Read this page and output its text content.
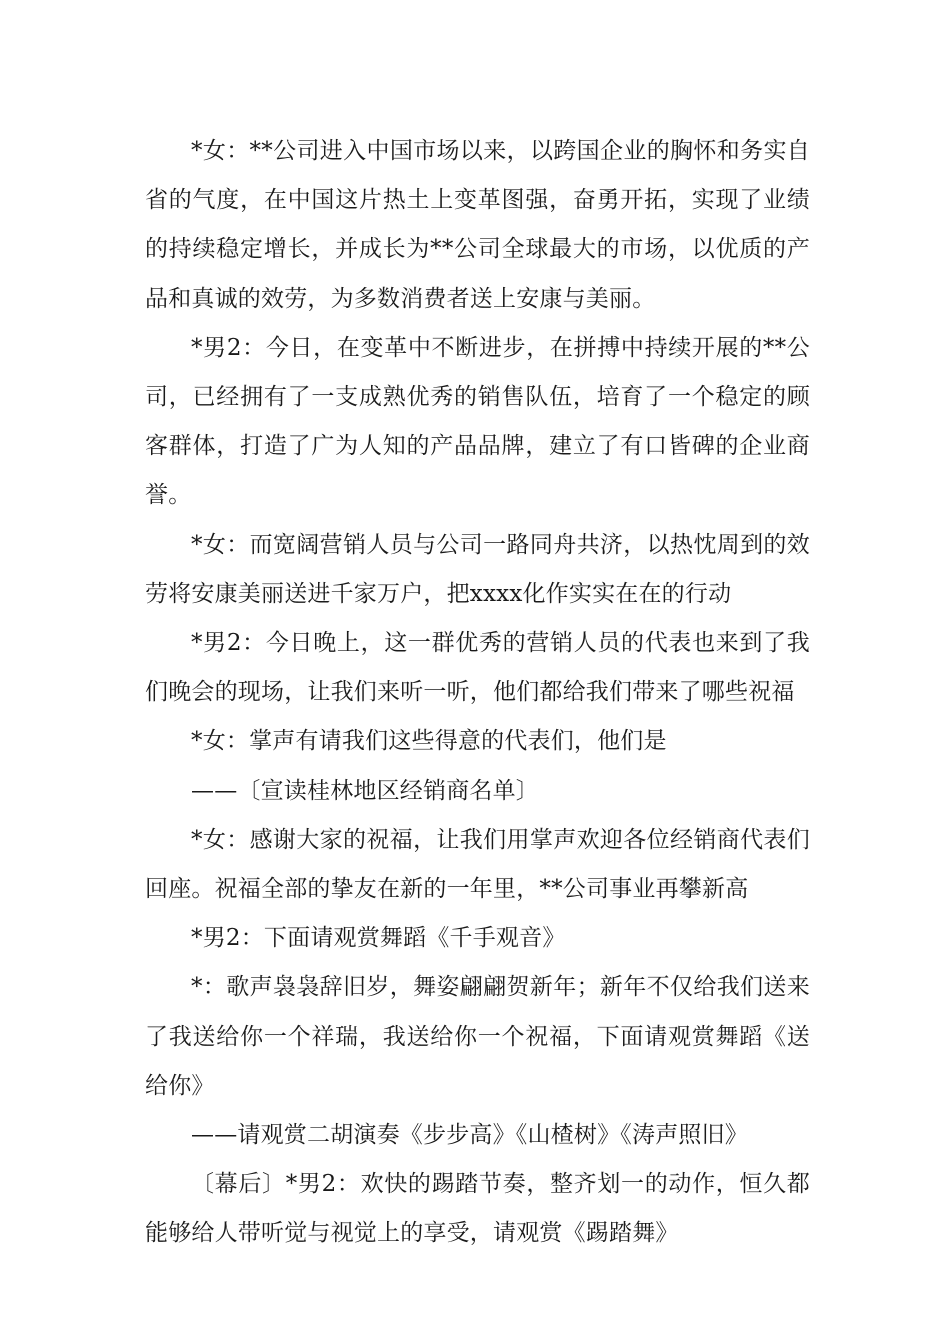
*女：**公司进入中国市场以来，以跨国企业的胸怀和务实自省的气度，在中国这片热土上变革图强，奋勇开拓，实现了业绩的持续稳定增长，并成长为**公司全球最大的市场，以优质的产品和真诚的效劳，为多数消费者送上安康与美丽。

*男2：今日，在变革中不断进步，在拼搏中持续开展的**公司，已经拥有了一支成熟优秀的销售队伍，培育了一个稳定的顾客群体，打造了广为人知的产品品牌，建立了有口皆碑的企业商誉。

*女：而宽阔营销人员与公司一路同舟共济，以热忱周到的效劳将安康美丽送进千家万户，把xxxx化作实实在在的行动

*男2：今日晚上，这一群优秀的营销人员的代表也来到了我们晚会的现场，让我们来听一听，他们都给我们带来了哪些祝福

*女：掌声有请我们这些得意的代表们，他们是

——〔宣读桂林地区经销商名单〕

*女：感谢大家的祝福，让我们用掌声欢迎各位经销商代表们回座。祝福全部的挚友在新的一年里，**公司事业再攀新高

*男2：下面请观赏舞蹈《千手观音》

*：歌声袅袅辞旧岁，舞姿翩翩贺新年；新年不仅给我们送来了我送给你一个祥瑞，我送给你一个祝福，下面请观赏舞蹈《送给你》

——请观赏二胡演奏《步步高》《山楂树》《涛声照旧》

〔幕后〕*男2：欢快的踢踏节奏，整齐划一的动作，恒久都能够给人带听觉与视觉上的享受，请观赏《踢踏舞》
